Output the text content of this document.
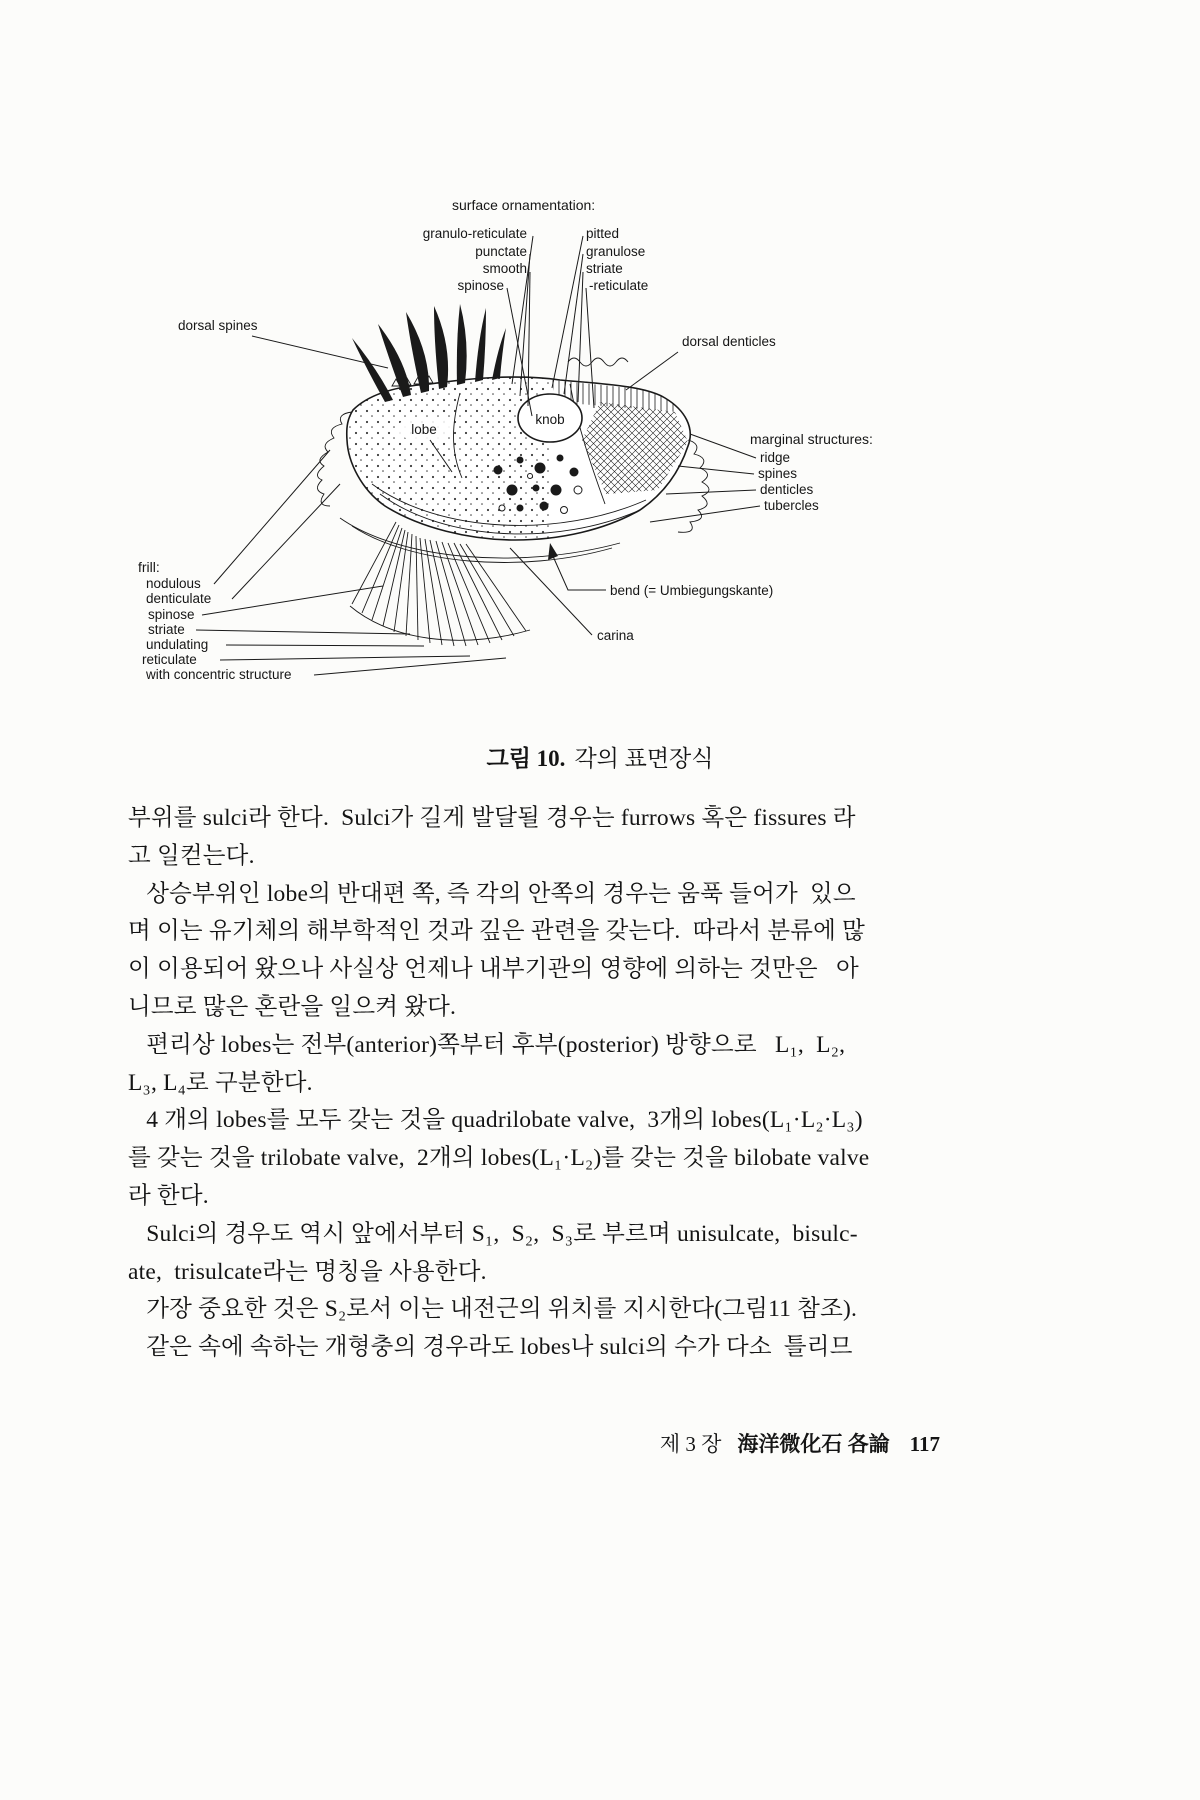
knob
lobe
surface ornamentation:
granulo-reticulate
punctate
smooth
spinose
pitted
granulose
striate
-reticulate
dorsal spines
dorsal denticles
marginal structures:
ridge
spines
denticles
tubercles
bend (= Umbiegungskante)
carina
frill:
nodulous
denticulate
spinose
striate
undulating
reticulate
with concentric structure
그림 10. 각의 표면장식
부위를 sulci라 한다.  Sulci가 길게 발달될 경우는 furrows 혹은 fissures 라
고 일컫는다.
상승부위인 lobe의 반대편 쪽, 즉 각의 안쪽의 경우는 움푹 들어가  있으
며 이는 유기체의 해부학적인 것과 깊은 관련을 갖는다.  따라서 분류에 많
이 이용되어 왔으나 사실상 언제나 내부기관의 영향에 의하는 것만은   아
니므로 많은 혼란을 일으켜 왔다.
편리상 lobes는 전부(anterior)쪽부터 후부(posterior) 방향으로   L₁,  L₂,
L₃, L₄로 구분한다.
4 개의 lobes를 모두 갖는 것을 quadrilobate valve,  3개의 lobes(L₁·L₂·L₃)
를 갖는 것을 trilobate valve,  2개의 lobes(L₁·L₂)를 갖는 것을 bilobate valve
라 한다.
Sulci의 경우도 역시 앞에서부터 S₁,  S₂,  S₃로 부르며 unisulcate,  bisulc-
ate,  trisulcate라는 명칭을 사용한다.
가장 중요한 것은 S₂로서 이는 내전근의 위치를 지시한다(그림11 참조).
같은 속에 속하는 개형충의 경우라도 lobes나 sulci의 수가 다소  틀리므
제 3 장 海洋微化石 各論 117
